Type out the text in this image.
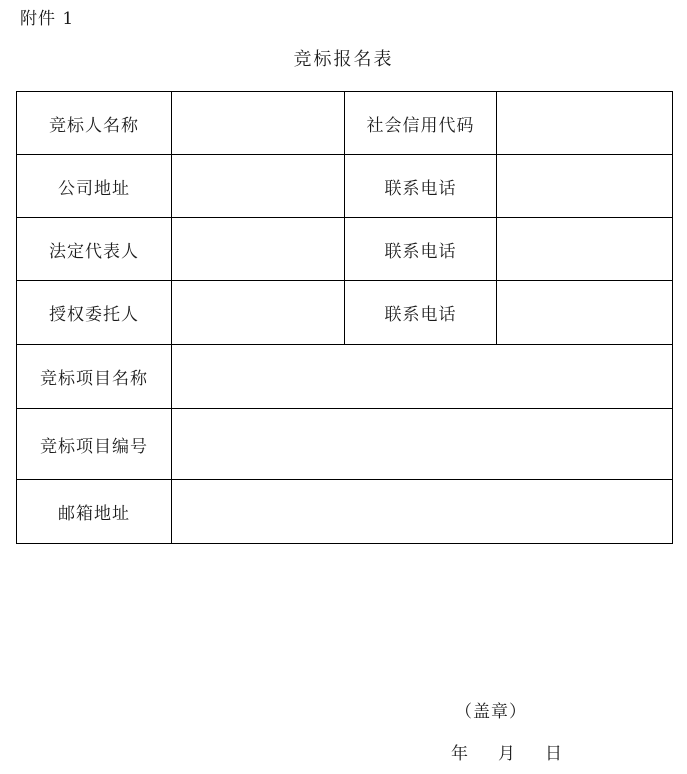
附件 1
竞标报名表
竞标人名称		社会信用代码	
公司地址		联系电话	
法定代表人		联系电话	
授权委托人		联系电话	
竞标项目名称			
竞标项目编号			
邮箱地址			
（盖章）
年 月 日
